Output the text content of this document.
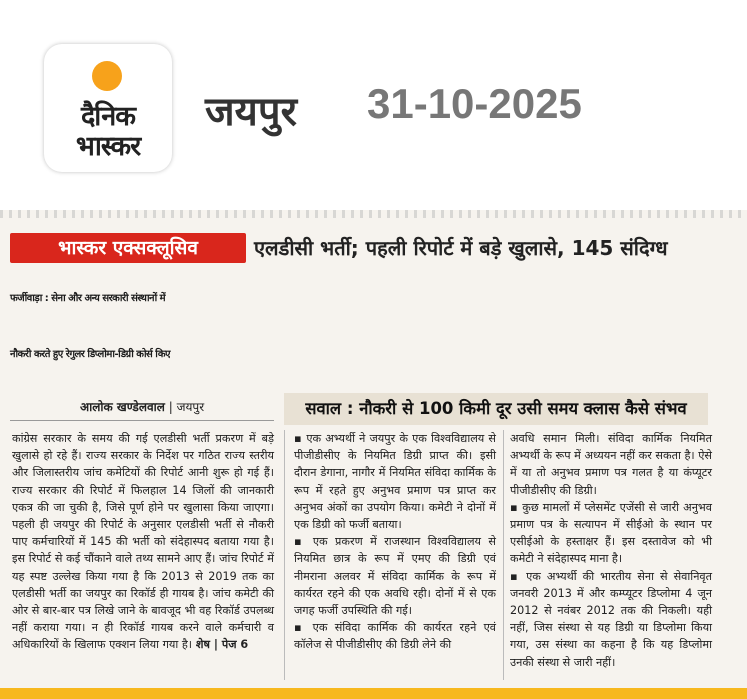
दैनिक
भास्कर
जयपुर 31-10-2025
भास्कर एक्सक्लूसिव	एलडीसी भर्ती; पहली रिपोर्ट में बड़े खुलासे, 145 संदिग्ध
फर्जीवाड़ा : सेना और अन्य सरकारी संस्थानों में
नौकरी करते हुए रेगुलर डिप्लोमा-डिग्री कोर्स किए
आलोक खण्डेलवाल | जयपुर	सवाल : नौकरी से 100 किमी दूर उसी समय क्लास कैसे संभव

कांग्रेस सरकार के समय की गई एलडीसी भर्ती प्रकरण में बड़े खुलासे हो रहे हैं। राज्य सरकार के निर्देश पर गठित राज्य स्तरीय और जिलास्तरीय जांच कमेटियों की रिपोर्ट आनी शुरू हो गई हैं। राज्य सरकार की रिपोर्ट में फिलहाल 14 जिलों की जानकारी एकत्र की जा चुकी है, जिसे पूर्ण होने पर खुलासा किया जाएगा। पहली ही जयपुर की रिपोर्ट के अनुसार एलडीसी भर्ती से नौकरी पाए कर्मचारियों में 145 की भर्ती को संदेहास्पद बताया गया है। इस रिपोर्ट से कई चौंकाने वाले तथ्य सामने आए हैं। जांच रिपोर्ट में यह स्पष्ट उल्लेख किया गया है कि 2013 से 2019 तक का एलडीसी भर्ती का जयपुर का रिकॉर्ड ही गायब है। जांच कमेटी की ओर से बार-बार पत्र लिखे जाने के बावजूद भी वह रिकॉर्ड उपलब्ध नहीं कराया गया। न ही रिकॉर्ड गायब करने वाले कर्मचारी व अधिकारियों के खिलाफ एक्शन लिया गया है। शेष | पेज 6

▪ एक अभ्यर्थी ने जयपुर के एक विश्वविद्यालय से पीजीडीसीए के नियमित डिग्री प्राप्त की। इसी दौरान डेगाना, नागौर में नियमित संविदा कार्मिक के रूप में रहते हुए अनुभव प्रमाण पत्र प्राप्त कर अनुभव अंकों का उपयोग किया। कमेटी ने दोनों में एक डिग्री को फर्जी बताया।

▪ एक प्रकरण में राजस्थान विश्वविद्यालय से नियमित छात्र के रूप में एमए की डिग्री एवं नीमराना अलवर में संविदा कार्मिक के रूप में कार्यरत रहने की एक अवधि रही। दोनों में से एक जगह फर्जी उपस्थिति की गई।

▪ एक संविदा कार्मिक की कार्यरत रहने एवं कॉलेज से पीजीडीसीए की डिग्री लेने की

अवधि समान मिली। संविदा कार्मिक नियमित अभ्यर्थी के रूप में अध्ययन नहीं कर सकता है। ऐसे में या तो अनुभव प्रमाण पत्र गलत है या कंप्यूटर पीजीडीसीए की डिग्री।

▪ कुछ मामलों में प्लेसमेंट एजेंसी से जारी अनुभव प्रमाण पत्र के सत्यापन में सीईओ के स्थान पर एसीईओ के हस्ताक्षर हैं। इस दस्तावेज को भी कमेटी ने संदेहास्पद माना है।

▪ एक अभ्यर्थी की भारतीय सेना से सेवानिवृत जनवरी 2013 में और कम्प्यूटर डिप्लोमा 4 जून 2012 से नवंबर 2012 तक की निकली। यही नहीं, जिस संस्था से यह डिग्री या डिप्लोमा किया गया, उस संस्था का कहना है कि यह डिप्लोमा उनकी संस्था से जारी नहीं।
